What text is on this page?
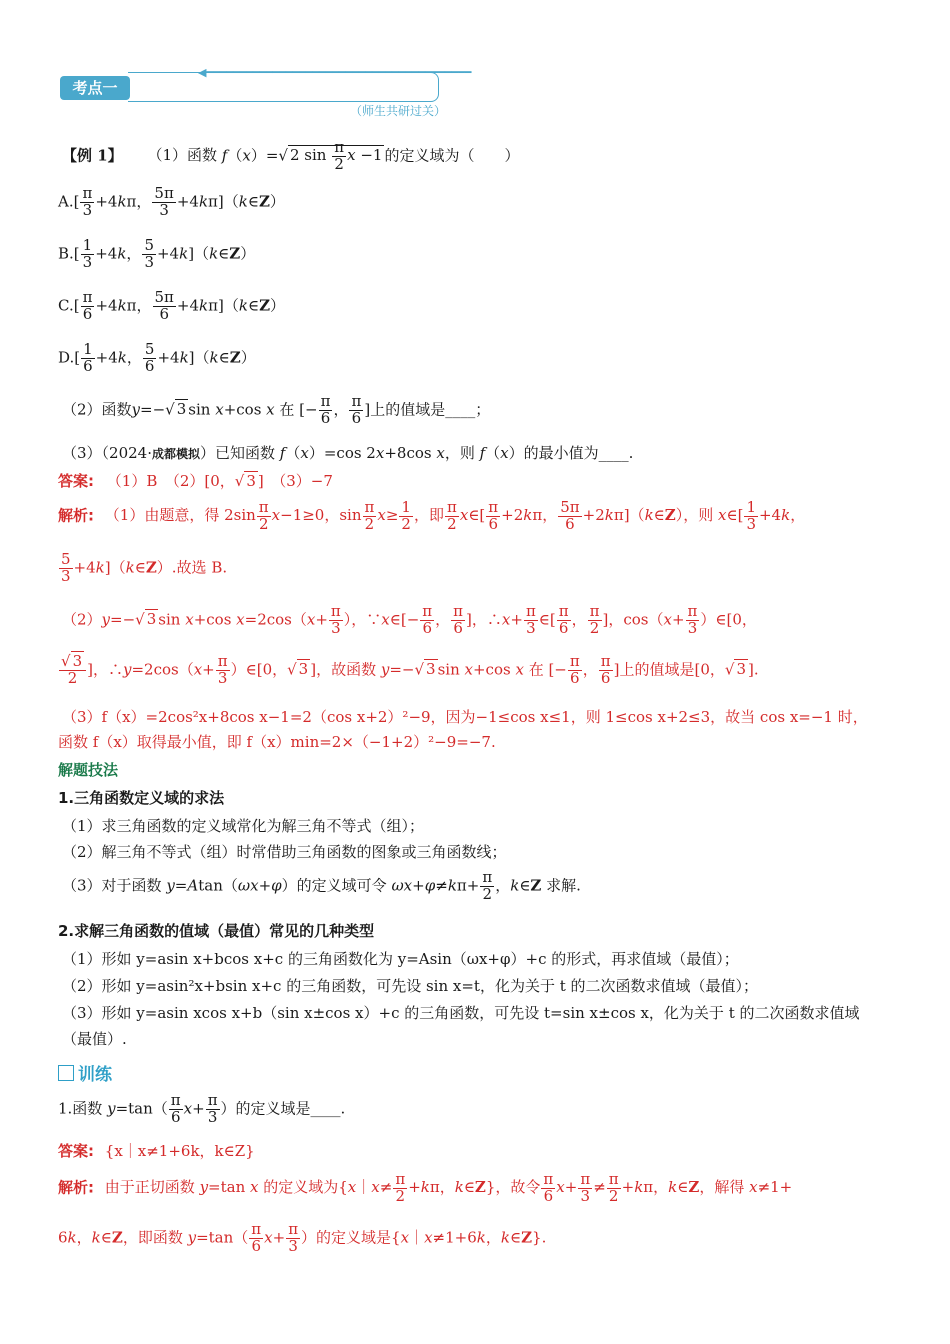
◀━━━━━━━━━━━━━━━━━━━━━━━━━━━━━━━━━━━━━━━━
考点一
（师生共研过关）
【例 1】 （1）函数 f（x）=√ 2 $\sin \frac{\pi}{2}$ x −1 的定义域为（　　）
$A.[ \frac{\pi}{3} +4k\pi$， $\frac{5\pi}{3}$ +4kπ]（k∈Z）
$B.[ \frac{1}{3} +4k$， $\frac{5}{3}$ +4k]（k∈Z）
$C.[ \frac{\pi}{6} +4k\pi$， $\frac{5\pi}{6}$ +4kπ]（k∈Z）
$D.[ \frac{1}{6} +4k$， $\frac{5}{6}$ +4k]（k∈Z）
（2）函数y=−√ 3 sin x+cos x 在 [− $\frac{\pi}{6}$ ， $\frac{\pi}{6}$ ]上的值域是____；
（3）（2024·成都模拟）已知函数 f（x）=cos 2x+8cos x，则 f（x）的最小值为____.
答案: （1）B　（2）[0，√ 3 ]　（3）−7
解析: （1）由题意，得 $2\sin \frac{\pi}{2} x-1\ge 0$，$\sin \frac{\pi}{2} x\ge \frac{1}{2}$ ，即 $\frac{\pi}{2}$ x∈[ $\frac{\pi}{6} +2k\pi$， $\frac{5\pi}{6}$ +2kπ]（k∈Z），则 x∈[ $\frac{1}{3} +4k$，
$\frac{5}{3}$ +4k]（k∈Z）.故选 B.
（2）y=−√ 3 sin x+cos $x=2\cos(x+ \frac{\pi}{3}$ ），∵x∈[− $\frac{\pi}{6}$ ， $\frac{\pi}{6}$ ]，∴x+ $\frac{\pi}{3}$ ∈[ $\frac{\pi}{6}$ ， $\frac{\pi}{2}$ ]，$\cos(x+ \frac{\pi}{3}$ ）∈[0，
$\frac{√ 3}{2}$ ]，∴y=2cos（x+ $\frac{\pi}{3}$ ）∈[0，√ 3 ]，故函数 y=−√ 3 sin x+cos x 在 [− $\frac{\pi}{6}$ ， $\frac{\pi}{6}$ ]上的值域是[0，√ 3 ].
（3）f（x）=2cos²x+8cos x−1=2（cos x+2）²−9，因为−1≤cos x≤1，则 1≤cos x+2≤3，故当 cos x=−1 时，
函数 f（x）取得最小值，即 f（x）min=2×（−1+2）²−9=−7.
解题技法
1.三角函数定义域的求法
（1）求三角函数的定义域常化为解三角不等式（组）；
（2）解三角不等式（组）时常借助三角函数的图象或三角函数线；
（3）对于函数 y=Atan（ωx+φ）的定义域可令 $\omega x+\varphi\ne k\pi+ \frac{\pi}{2}$ ，k∈Z 求解.
2.求解三角函数的值域（最值）常见的几种类型
（1）形如 y=asin x+bcos x+c 的三角函数化为 y=Asin（ωx+φ）+c 的形式，再求值域（最值）；
（2）形如 y=asin²x+bsin x+c 的三角函数，可先设 sin x=t，化为关于 t 的二次函数求值域（最值）；
（3）形如 y=asin xcos x+b（sin x±cos x）+c 的三角函数，可先设 t=sin x±cos x，化为关于 t 的二次函数求值域
（最值）.
训练
1.函数 $y=\tan( \frac{\pi}{6} x+ \frac{\pi}{3}$ ）的定义域是____.
答案: {x｜x≠1+6k，k∈Z}
解析: 由于正切函数 y=tan x 的定义域为{x｜x≠ $\frac{\pi}{2} +k\pi$，k∈Z}，故令 $\frac{\pi}{6} x+ \frac{\pi}{3} \ne \frac{\pi}{2} +k\pi$，k∈Z，解得 x≠1+
6k，k∈Z，即函数 $y=\tan( \frac{\pi}{6} x+ \frac{\pi}{3}$ ）的定义域是{x｜x≠1+6k，k∈Z}.
